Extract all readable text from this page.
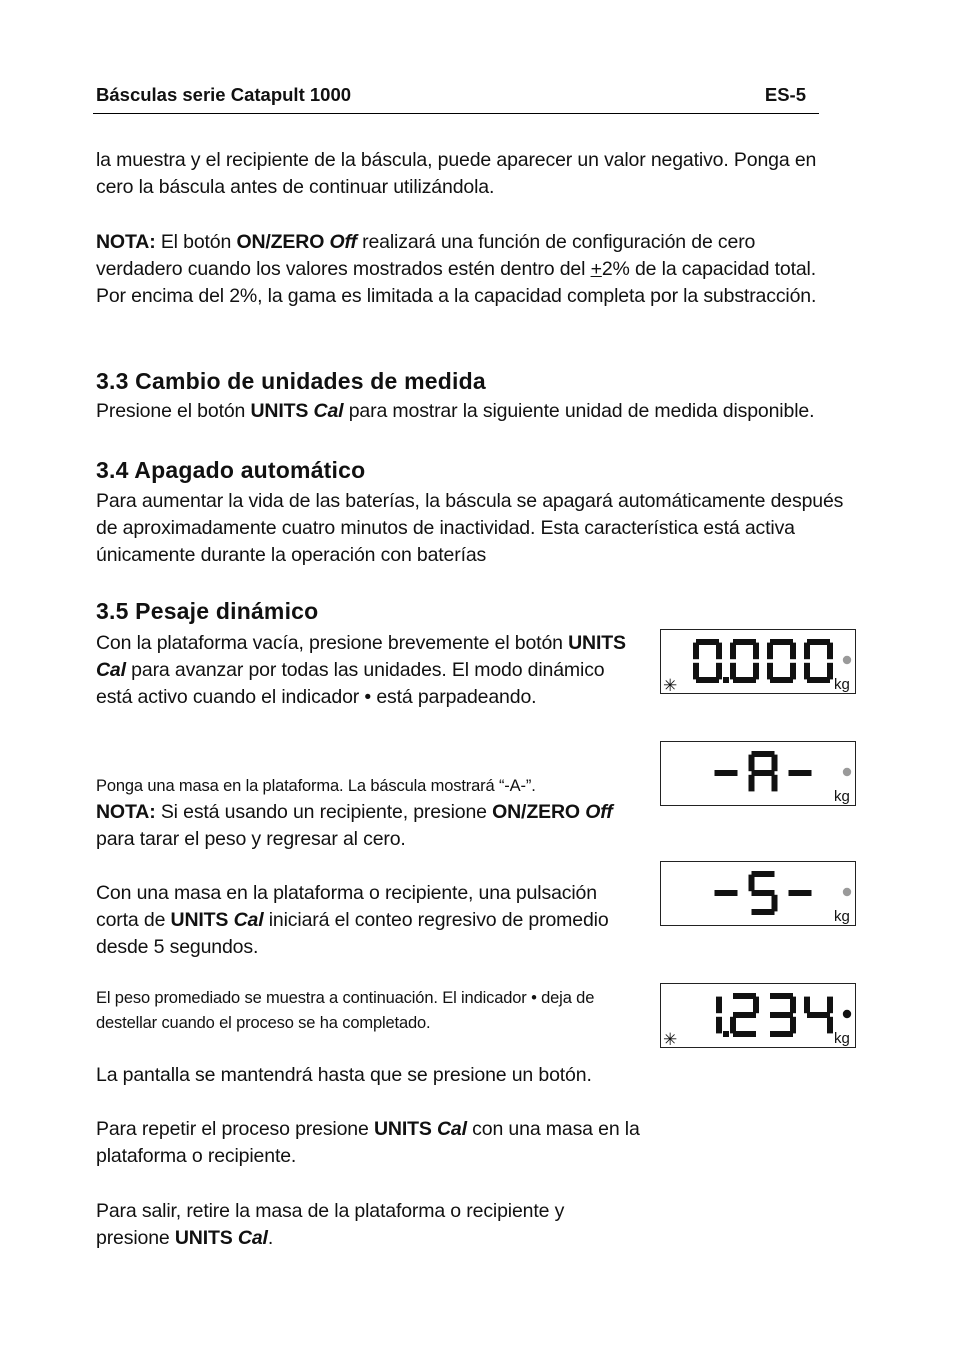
Básculas serie Catapult 1000	ES-5

la muestra y el recipiente de la báscula, puede aparecer un valor negativo. Ponga en cero la báscula antes de continuar utilizándola.

NOTA: El botón ON/ZERO Off realizará una función de configuración de cero verdadero cuando los valores mostrados estén dentro del +2% de la capacidad total. Por encima del 2%, la gama es limitada a la capacidad completa por la substracción.

3.3 Cambio de unidades de medida

Presione el botón UNITS Cal para mostrar la siguiente unidad de medida disponible.

3.4 Apagado automático

Para aumentar la vida de las baterías, la báscula se apagará automáticamente después de aproximadamente cuatro minutos de inactividad. Esta característica está activa únicamente durante la operación con baterías

3.5 Pesaje dinámico

Con la plataforma vacía, presione brevemente el botón UNITS Cal para avanzar por todas las unidades. El modo dinámico está activo cuando el indicador • está parpadeando.

Ponga una masa en la plataforma. La báscula mostrará “-A-”.
NOTA: Si está usando un recipiente, presione ON/ZERO Off para tarar el peso y regresar al cero.

Con una masa en la plataforma o recipiente, una pulsación corta de UNITS Cal iniciará el conteo regresivo de promedio desde 5 segundos.

El peso promediado se muestra a continuación. El indicador • deja de destellar cuando el proceso se ha completado.

La pantalla se mantendrá hasta que se presione un botón.

Para repetir el proceso presione UNITS Cal con una masa en la plataforma o recipiente.

Para salir, retire la masa de la plataforma o recipiente y presione UNITS Cal.

✳	kg
kg
kg
✳	kg
